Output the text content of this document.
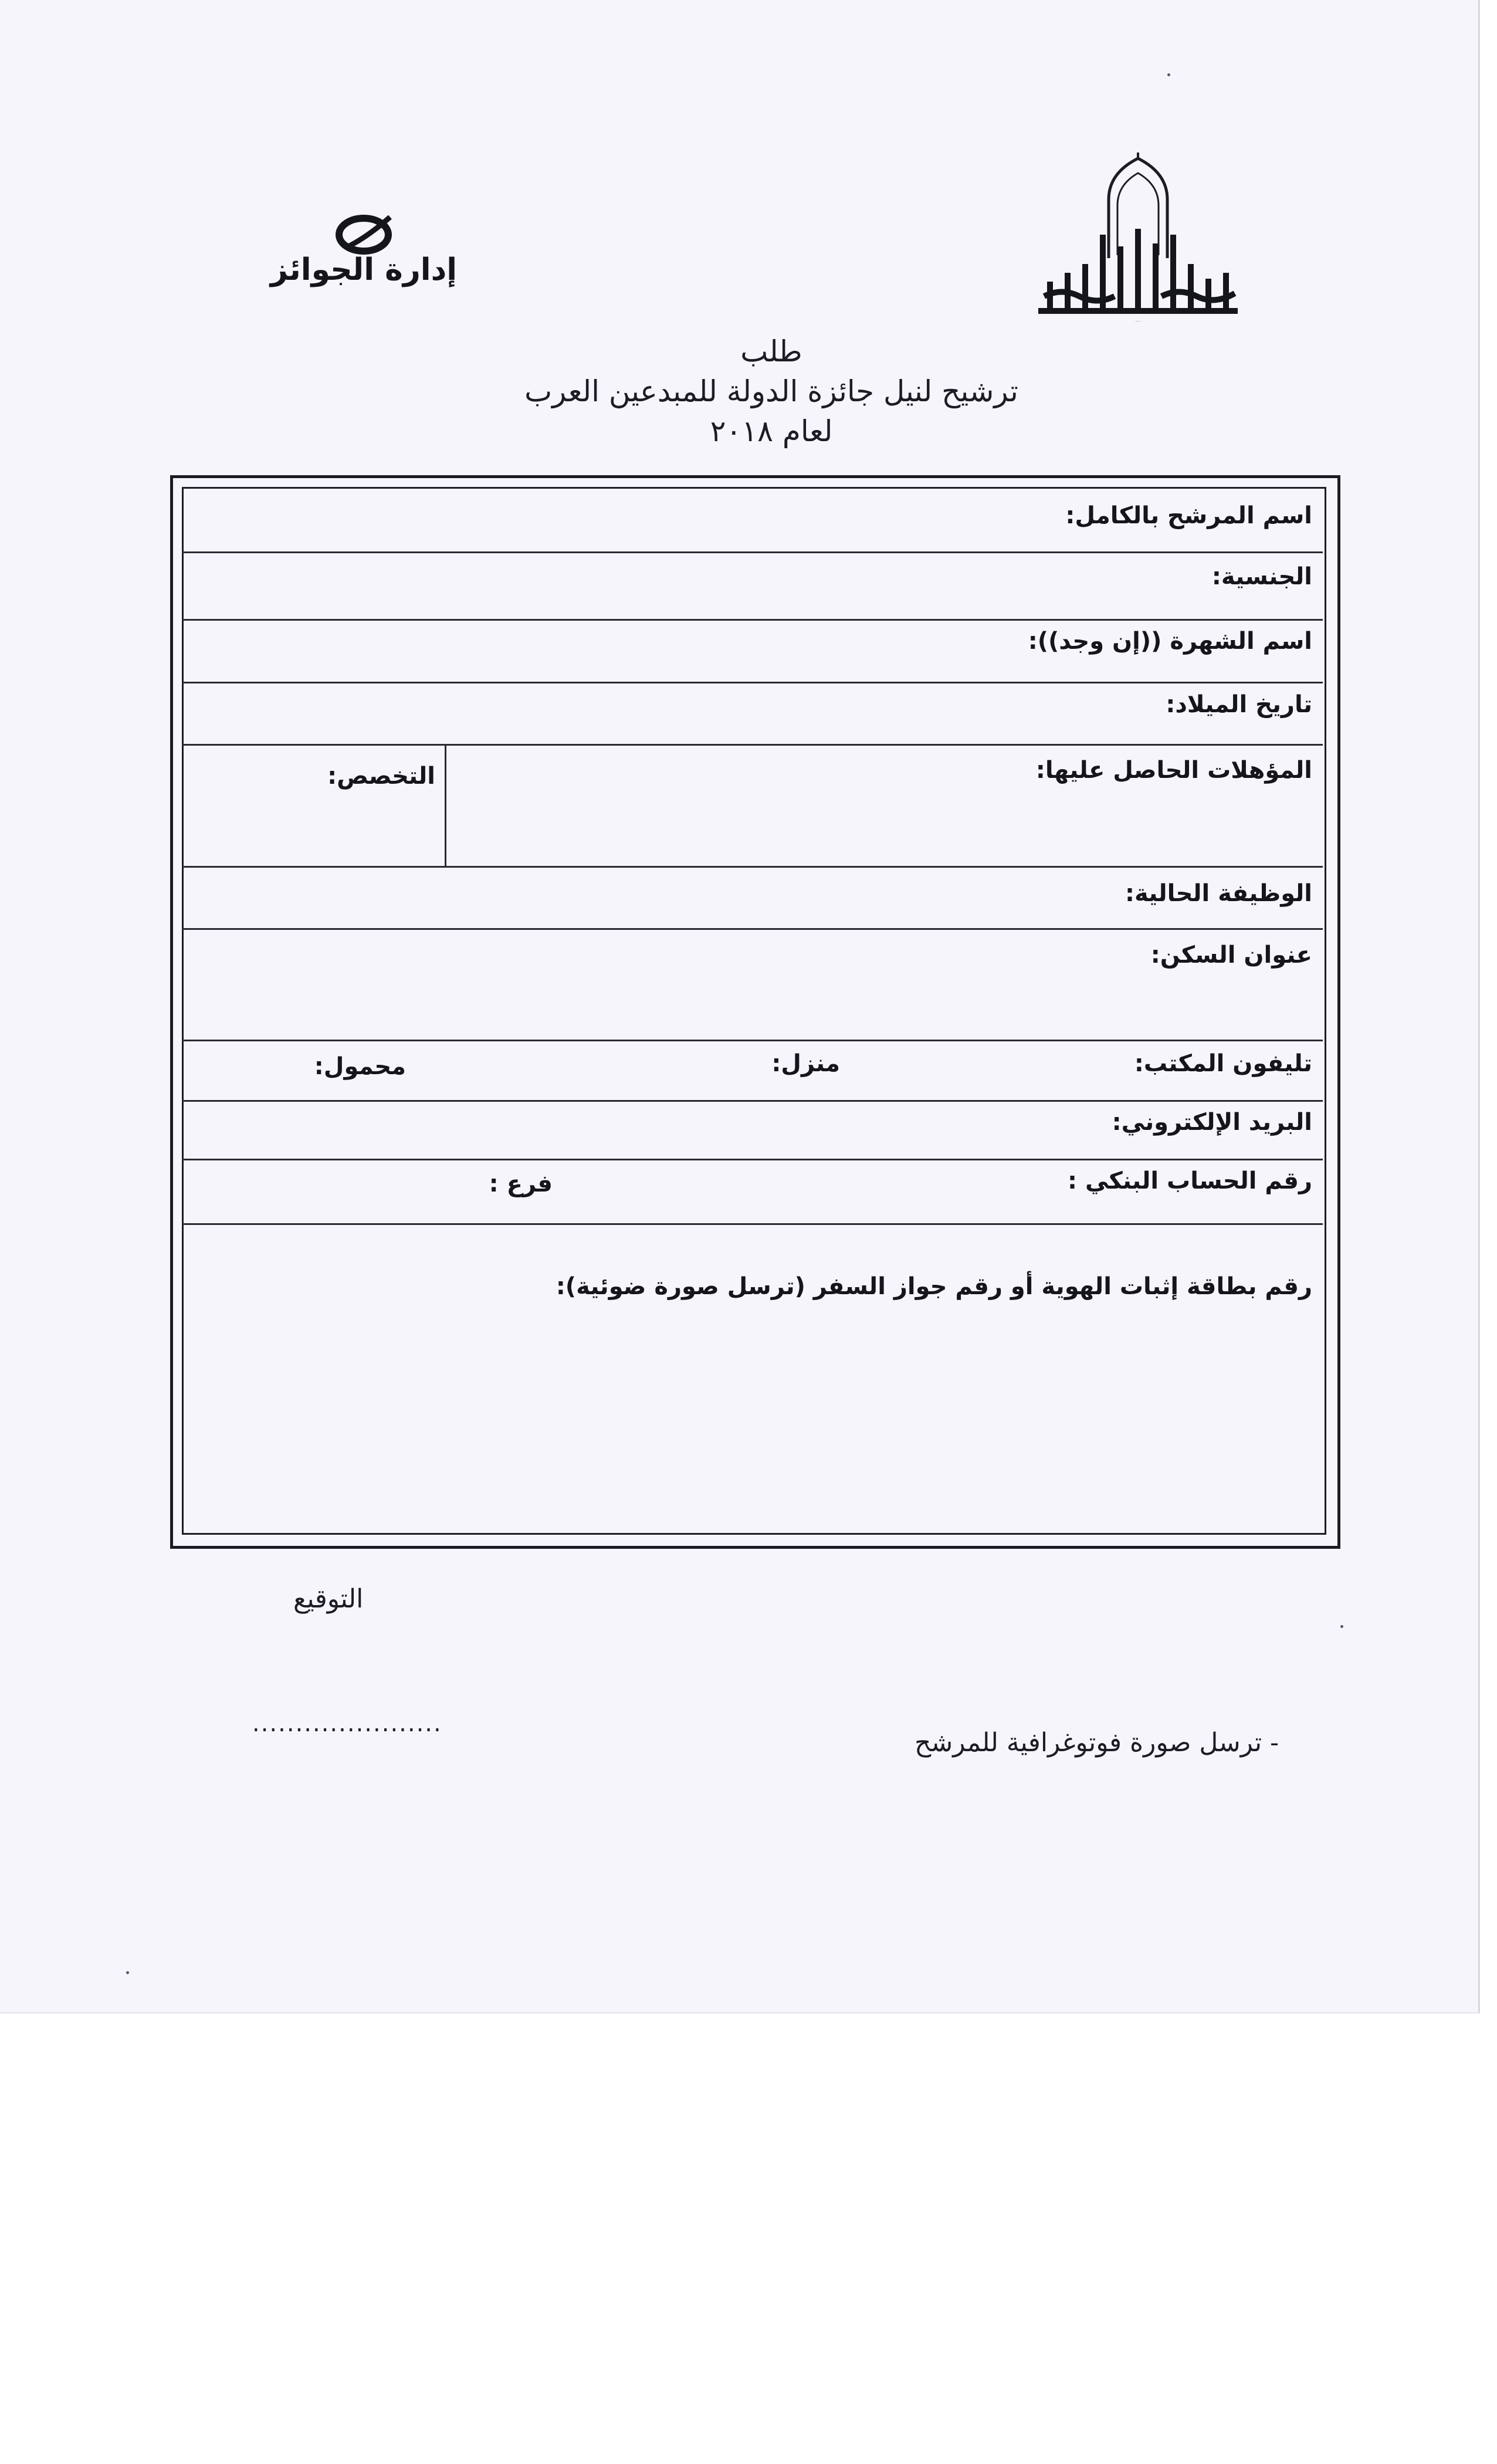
المجلس الأعلى للثقافة
إدارة الجوائز
طلب
ترشيح لنيل جائزة الدولة للمبدعين العرب
لعام ٢٠١٨
اسم المرشح بالكامل:
الجنسية:
اسم الشهرة ((إن وجد)):
تاريخ الميلاد:
المؤهلات الحاصل عليها:
التخصص:
الوظيفة الحالية:
عنوان السكن:
تليفون المكتب:
منزل:
محمول:
البريد الإلكتروني:
رقم الحساب البنكي :
فرع :
رقم بطاقة إثبات الهوية أو رقم جواز السفر (ترسل صورة ضوئية):
التوقيع
......................
- ترسل صورة فوتوغرافية للمرشح
